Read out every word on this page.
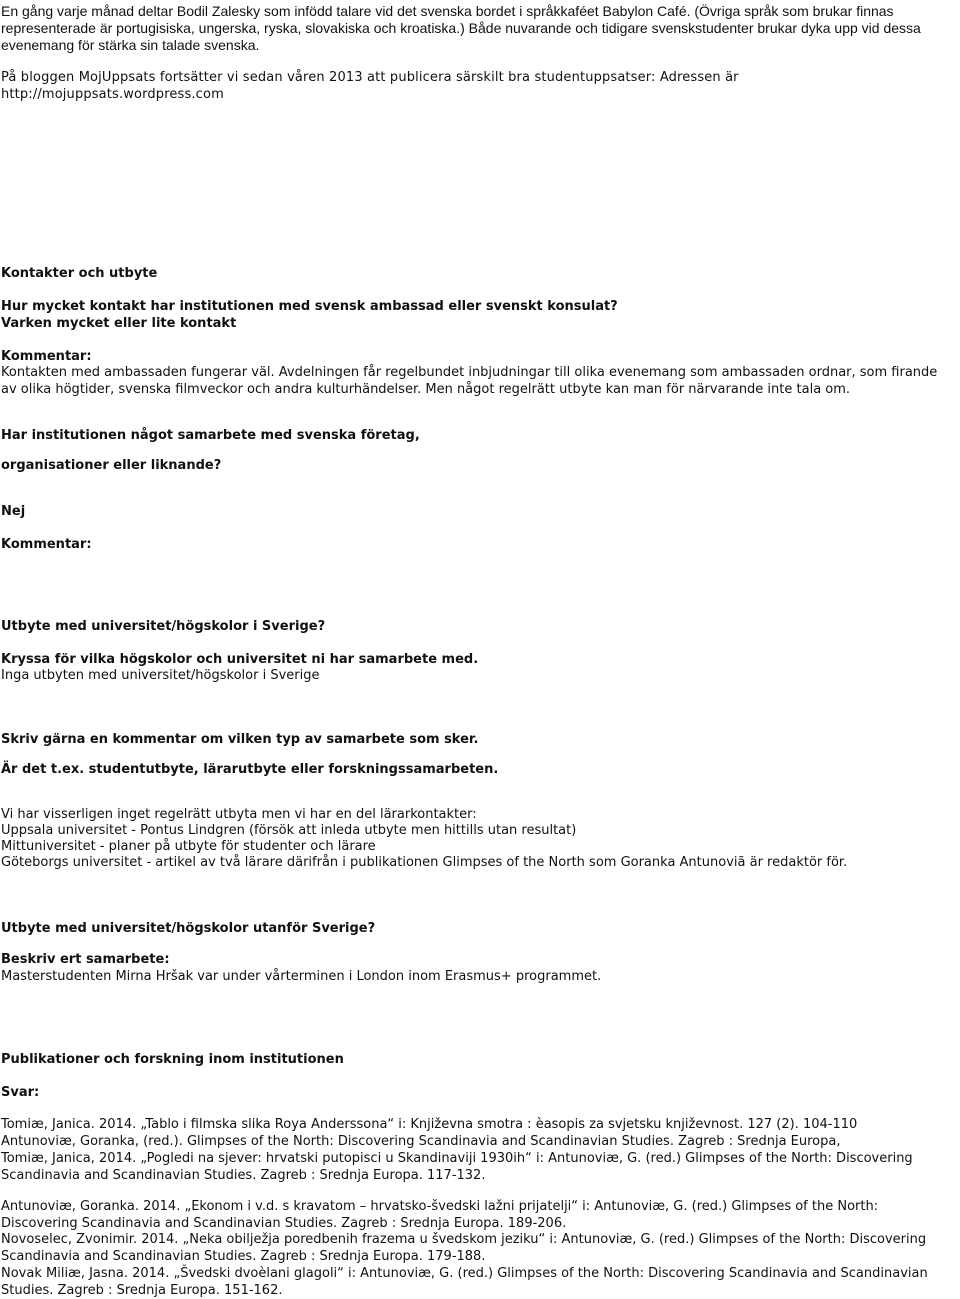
En gång varje månad deltar Bodil Zalesky som infödd talare vid det svenska bordet i språkkaféet Babylon Café. (Övriga språk som brukar finnas representerade är portugisiska, ungerska, ryska, slovakiska och kroatiska.) Både nuvarande och tidigare svenskstudenter brukar dyka upp vid dessa evenemang för stärka sin talade svenska.

På bloggen MojUppsats fortsätter vi sedan våren 2013 att publicera särskilt bra studentuppsatser: Adressen är http://mojuppsats.wordpress.com

Kontakter och utbyte
Hur mycket kontakt har institutionen med svensk ambassad eller svenskt konsulat?
Varken mycket eller lite kontakt
Kommentar:

Kontakten med ambassaden fungerar väl. Avdelningen får regelbundet inbjudningar till olika evenemang som ambassaden ordnar, som firande av olika högtider, svenska filmveckor och andra kulturhändelser. Men något regelrätt utbyte kan man för närvarande inte tala om.

Har institutionen något samarbete med svenska företag,
organisationer eller liknande?
Nej
Kommentar:
Utbyte med universitet/högskolor i Sverige?
Kryssa för vilka högskolor och universitet ni har samarbete med.
Inga utbyten med universitet/högskolor i Sverige
Skriv gärna en kommentar om vilken typ av samarbete som sker.
Är det t.ex. studentutbyte, lärarutbyte eller forskningssamarbeten.
Vi har visserligen inget regelrätt utbyta men vi har en del lärarkontakter:
Uppsala universitet - Pontus Lindgren (försök att inleda utbyte men hittills utan resultat)
Mittuniversitet - planer på utbyte för studenter och lärare
Göteborgs universitet - artikel av två lärare därifrån i publikationen Glimpses of the North som Goranka Antunoviã är redaktör för.
Utbyte med universitet/högskolor utanför Sverige?
Beskriv ert samarbete:
Masterstudenten Mirna Hršak var under vårterminen i London inom Erasmus+ programmet.
Publikationer och forskning inom institutionen
Svar:
Tomiæ, Janica. 2014. „Tablo i filmska slika Roya Anderssona“ i: Književna smotra : èasopis za svjetsku književnost. 127 (2). 104-110
Antunoviæ, Goranka, (red.). Glimpses of the North: Discovering Scandinavia and Scandinavian Studies. Zagreb : Srednja Europa,

Tomiæ, Janica, 2014. „Pogledi na sjever: hrvatski putopisci u Skandinaviji 1930ih“ i: Antunoviæ, G. (red.) Glimpses of the North: Discovering Scandinavia and Scandinavian Studies. Zagreb : Srednja Europa. 117-132.

Antunoviæ, Goranka. 2014. „Ekonom i v.d. s kravatom – hrvatsko-švedski lažni prijatelji“ i: Antunoviæ, G. (red.) Glimpses of the North: Discovering Scandinavia and Scandinavian Studies. Zagreb : Srednja Europa. 189-206.

Novoselec, Zvonimir. 2014. „Neka obilježja poredbenih frazema u švedskom jeziku“ i: Antunoviæ, G. (red.) Glimpses of the North: Discovering Scandinavia and Scandinavian Studies. Zagreb : Srednja Europa. 179-188.

Novak Miliæ, Jasna. 2014. „Švedski dvoèlani glagoli“ i: Antunoviæ, G. (red.) Glimpses of the North: Discovering Scandinavia and Scandinavian Studies. Zagreb : Srednja Europa. 151-162.
